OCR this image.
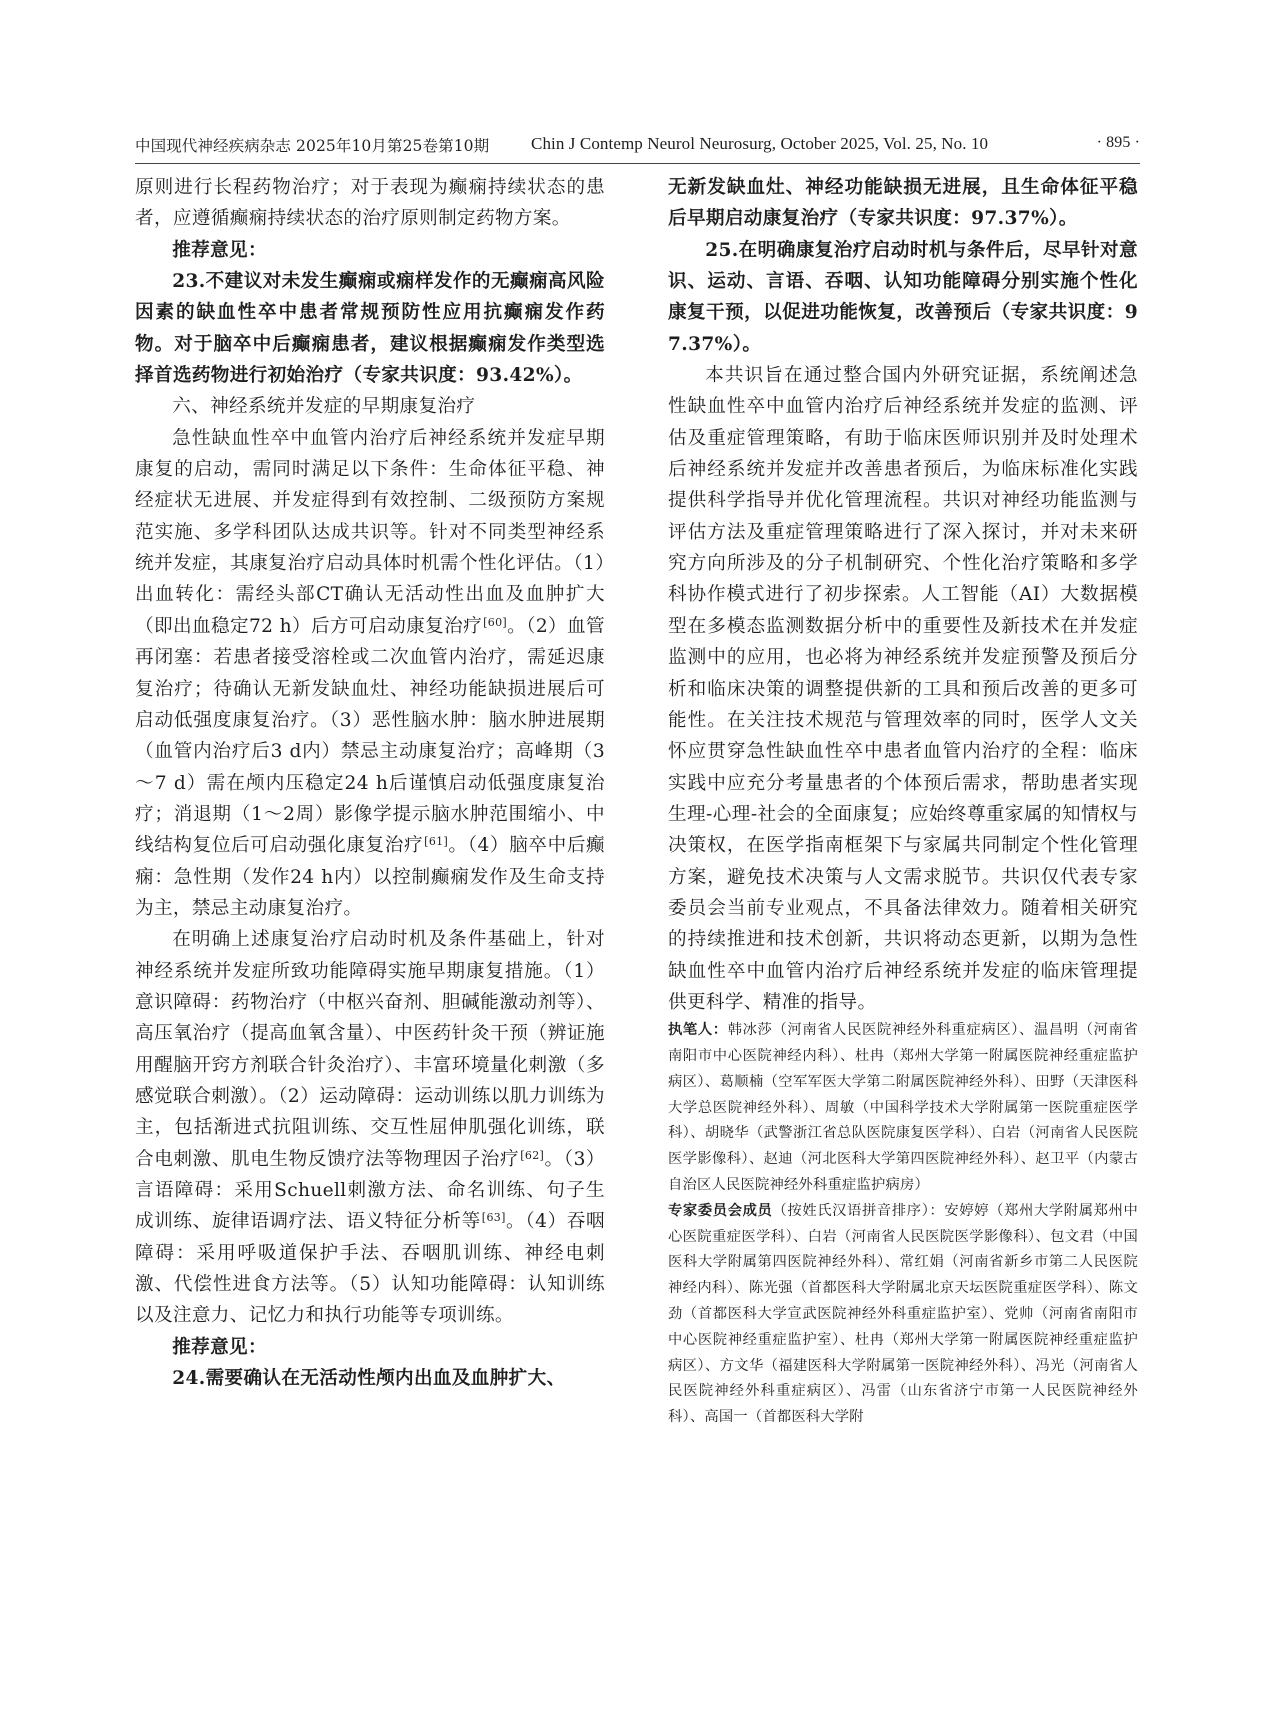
中国现代神经疾病杂志 2025年10月第25卷第10期 Chin J Contemp Neurol Neurosurg, October 2025, Vol. 25, No. 10	· 895 ·

原则进行长程药物治疗；对于表现为癫痫持续状态的患者，应遵循癫痫持续状态的治疗原则制定药物方案。

推荐意见：

23.不建议对未发生癫痫或痫样发作的无癫痫高风险因素的缺血性卒中患者常规预防性应用抗癫痫发作药物。对于脑卒中后癫痫患者，建议根据癫痫发作类型选择首选药物进行初始治疗（专家共识度：93.42%）。

六、神经系统并发症的早期康复治疗

急性缺血性卒中血管内治疗后神经系统并发症早期康复的启动，需同时满足以下条件：生命体征平稳、神经症状无进展、并发症得到有效控制、二级预防方案规范实施、多学科团队达成共识等。针对不同类型神经系统并发症，其康复治疗启动具体时机需个性化评估。（1）出血转化：需经头部CT确认无活动性出血及血肿扩大（即出血稳定72 h）后方可启动康复治疗[60]。（2）血管再闭塞：若患者接受溶栓或二次血管内治疗，需延迟康复治疗；待确认无新发缺血灶、神经功能缺损进展后可启动低强度康复治疗。（3）恶性脑水肿：脑水肿进展期（血管内治疗后3 d内）禁忌主动康复治疗；高峰期（3～7 d）需在颅内压稳定24 h后谨慎启动低强度康复治疗；消退期（1～2周）影像学提示脑水肿范围缩小、中线结构复位后可启动强化康复治疗[61]。（4）脑卒中后癫痫：急性期（发作24 h内）以控制癫痫发作及生命支持为主，禁忌主动康复治疗。

在明确上述康复治疗启动时机及条件基础上，针对神经系统并发症所致功能障碍实施早期康复措施。（1）意识障碍：药物治疗（中枢兴奋剂、胆碱能激动剂等）、高压氧治疗（提高血氧含量）、中医药针灸干预（辨证施用醒脑开窍方剂联合针灸治疗）、丰富环境量化刺激（多感觉联合刺激）。（2）运动障碍：运动训练以肌力训练为主，包括渐进式抗阻训练、交互性屈伸肌强化训练，联合电刺激、肌电生物反馈疗法等物理因子治疗[62]。（3）言语障碍：采用Schuell刺激方法、命名训练、句子生成训练、旋律语调疗法、语义特征分析等[63]。（4）吞咽障碍：采用呼吸道保护手法、吞咽肌训练、神经电刺激、代偿性进食方法等。（5）认知功能障碍：认知训练以及注意力、记忆力和执行功能等专项训练。

推荐意见：

24.需要确认在无活动性颅内出血及血肿扩大、

无新发缺血灶、神经功能缺损无进展，且生命体征平稳后早期启动康复治疗（专家共识度：97.37%）。

25.在明确康复治疗启动时机与条件后，尽早针对意识、运动、言语、吞咽、认知功能障碍分别实施个性化康复干预，以促进功能恢复，改善预后（专家共识度：97.37%）。

本共识旨在通过整合国内外研究证据，系统阐述急性缺血性卒中血管内治疗后神经系统并发症的监测、评估及重症管理策略，有助于临床医师识别并及时处理术后神经系统并发症并改善患者预后，为临床标准化实践提供科学指导并优化管理流程。共识对神经功能监测与评估方法及重症管理策略进行了深入探讨，并对未来研究方向所涉及的分子机制研究、个性化治疗策略和多学科协作模式进行了初步探索。人工智能（AI）大数据模型在多模态监测数据分析中的重要性及新技术在并发症监测中的应用，也必将为神经系统并发症预警及预后分析和临床决策的调整提供新的工具和预后改善的更多可能性。在关注技术规范与管理效率的同时，医学人文关怀应贯穿急性缺血性卒中患者血管内治疗的全程：临床实践中应充分考量患者的个体预后需求，帮助患者实现生理-心理-社会的全面康复；应始终尊重家属的知情权与决策权，在医学指南框架下与家属共同制定个性化管理方案，避免技术决策与人文需求脱节。共识仅代表专家委员会当前专业观点，不具备法律效力。随着相关研究的持续推进和技术创新，共识将动态更新，以期为急性缺血性卒中血管内治疗后神经系统并发症的临床管理提供更科学、精准的指导。

执笔人：韩冰莎（河南省人民医院神经外科重症病区）、温昌明（河南省南阳市中心医院神经内科）、杜冉（郑州大学第一附属医院神经重症监护病区）、葛顺楠（空军军医大学第二附属医院神经外科）、田野（天津医科大学总医院神经外科）、周敏（中国科学技术大学附属第一医院重症医学科）、胡晓华（武警浙江省总队医院康复医学科）、白岩（河南省人民医院医学影像科）、赵迪（河北医科大学第四医院神经外科）、赵卫平（内蒙古自治区人民医院神经外科重症监护病房）

专家委员会成员（按姓氏汉语拼音排序）：安婷婷（郑州大学附属郑州中心医院重症医学科）、白岩（河南省人民医院医学影像科）、包文君（中国医科大学附属第四医院神经外科）、常红娟（河南省新乡市第二人民医院神经内科）、陈光强（首都医科大学附属北京天坛医院重症医学科）、陈文劲（首都医科大学宣武医院神经外科重症监护室）、党帅（河南省南阳市中心医院神经重症监护室）、杜冉（郑州大学第一附属医院神经重症监护病区）、方文华（福建医科大学附属第一医院神经外科）、冯光（河南省人民医院神经外科重症病区）、冯雷（山东省济宁市第一人民医院神经外科）、高国一（首都医科大学附
